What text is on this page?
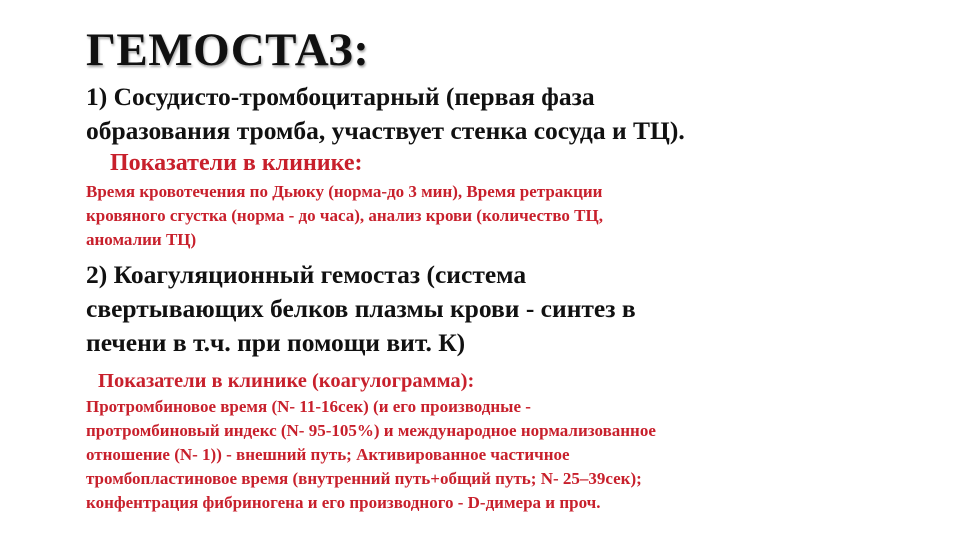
ГЕМОСТАЗ:
1) Сосудисто-тромбоцитарный (первая фаза
образования тромба, участвует стенка сосуда и ТЦ).
Показатели в клинике:
Время кровотечения по Дьюку (норма-до 3 мин), Время ретракции
кровяного сгустка (норма - до часа), анализ крови (количество ТЦ,
аномалии ТЦ)
2) Коагуляционный гемостаз (система
свертывающих белков плазмы крови - синтез в
печени в т.ч. при помощи вит. К)
Показатели в клинике (коагулограмма):
Протромбиновое время (N- 11-16сек) (и его производные -
протромбиновый индекс (N- 95-105%) и международное нормализованное
отношение (N- 1)) - внешний путь; Активированное частичное
тромбопластиновое время (внутренний путь+общий путь; N- 25–39сек);
конфентрация фибриногена и его производного - D-димера и проч.
